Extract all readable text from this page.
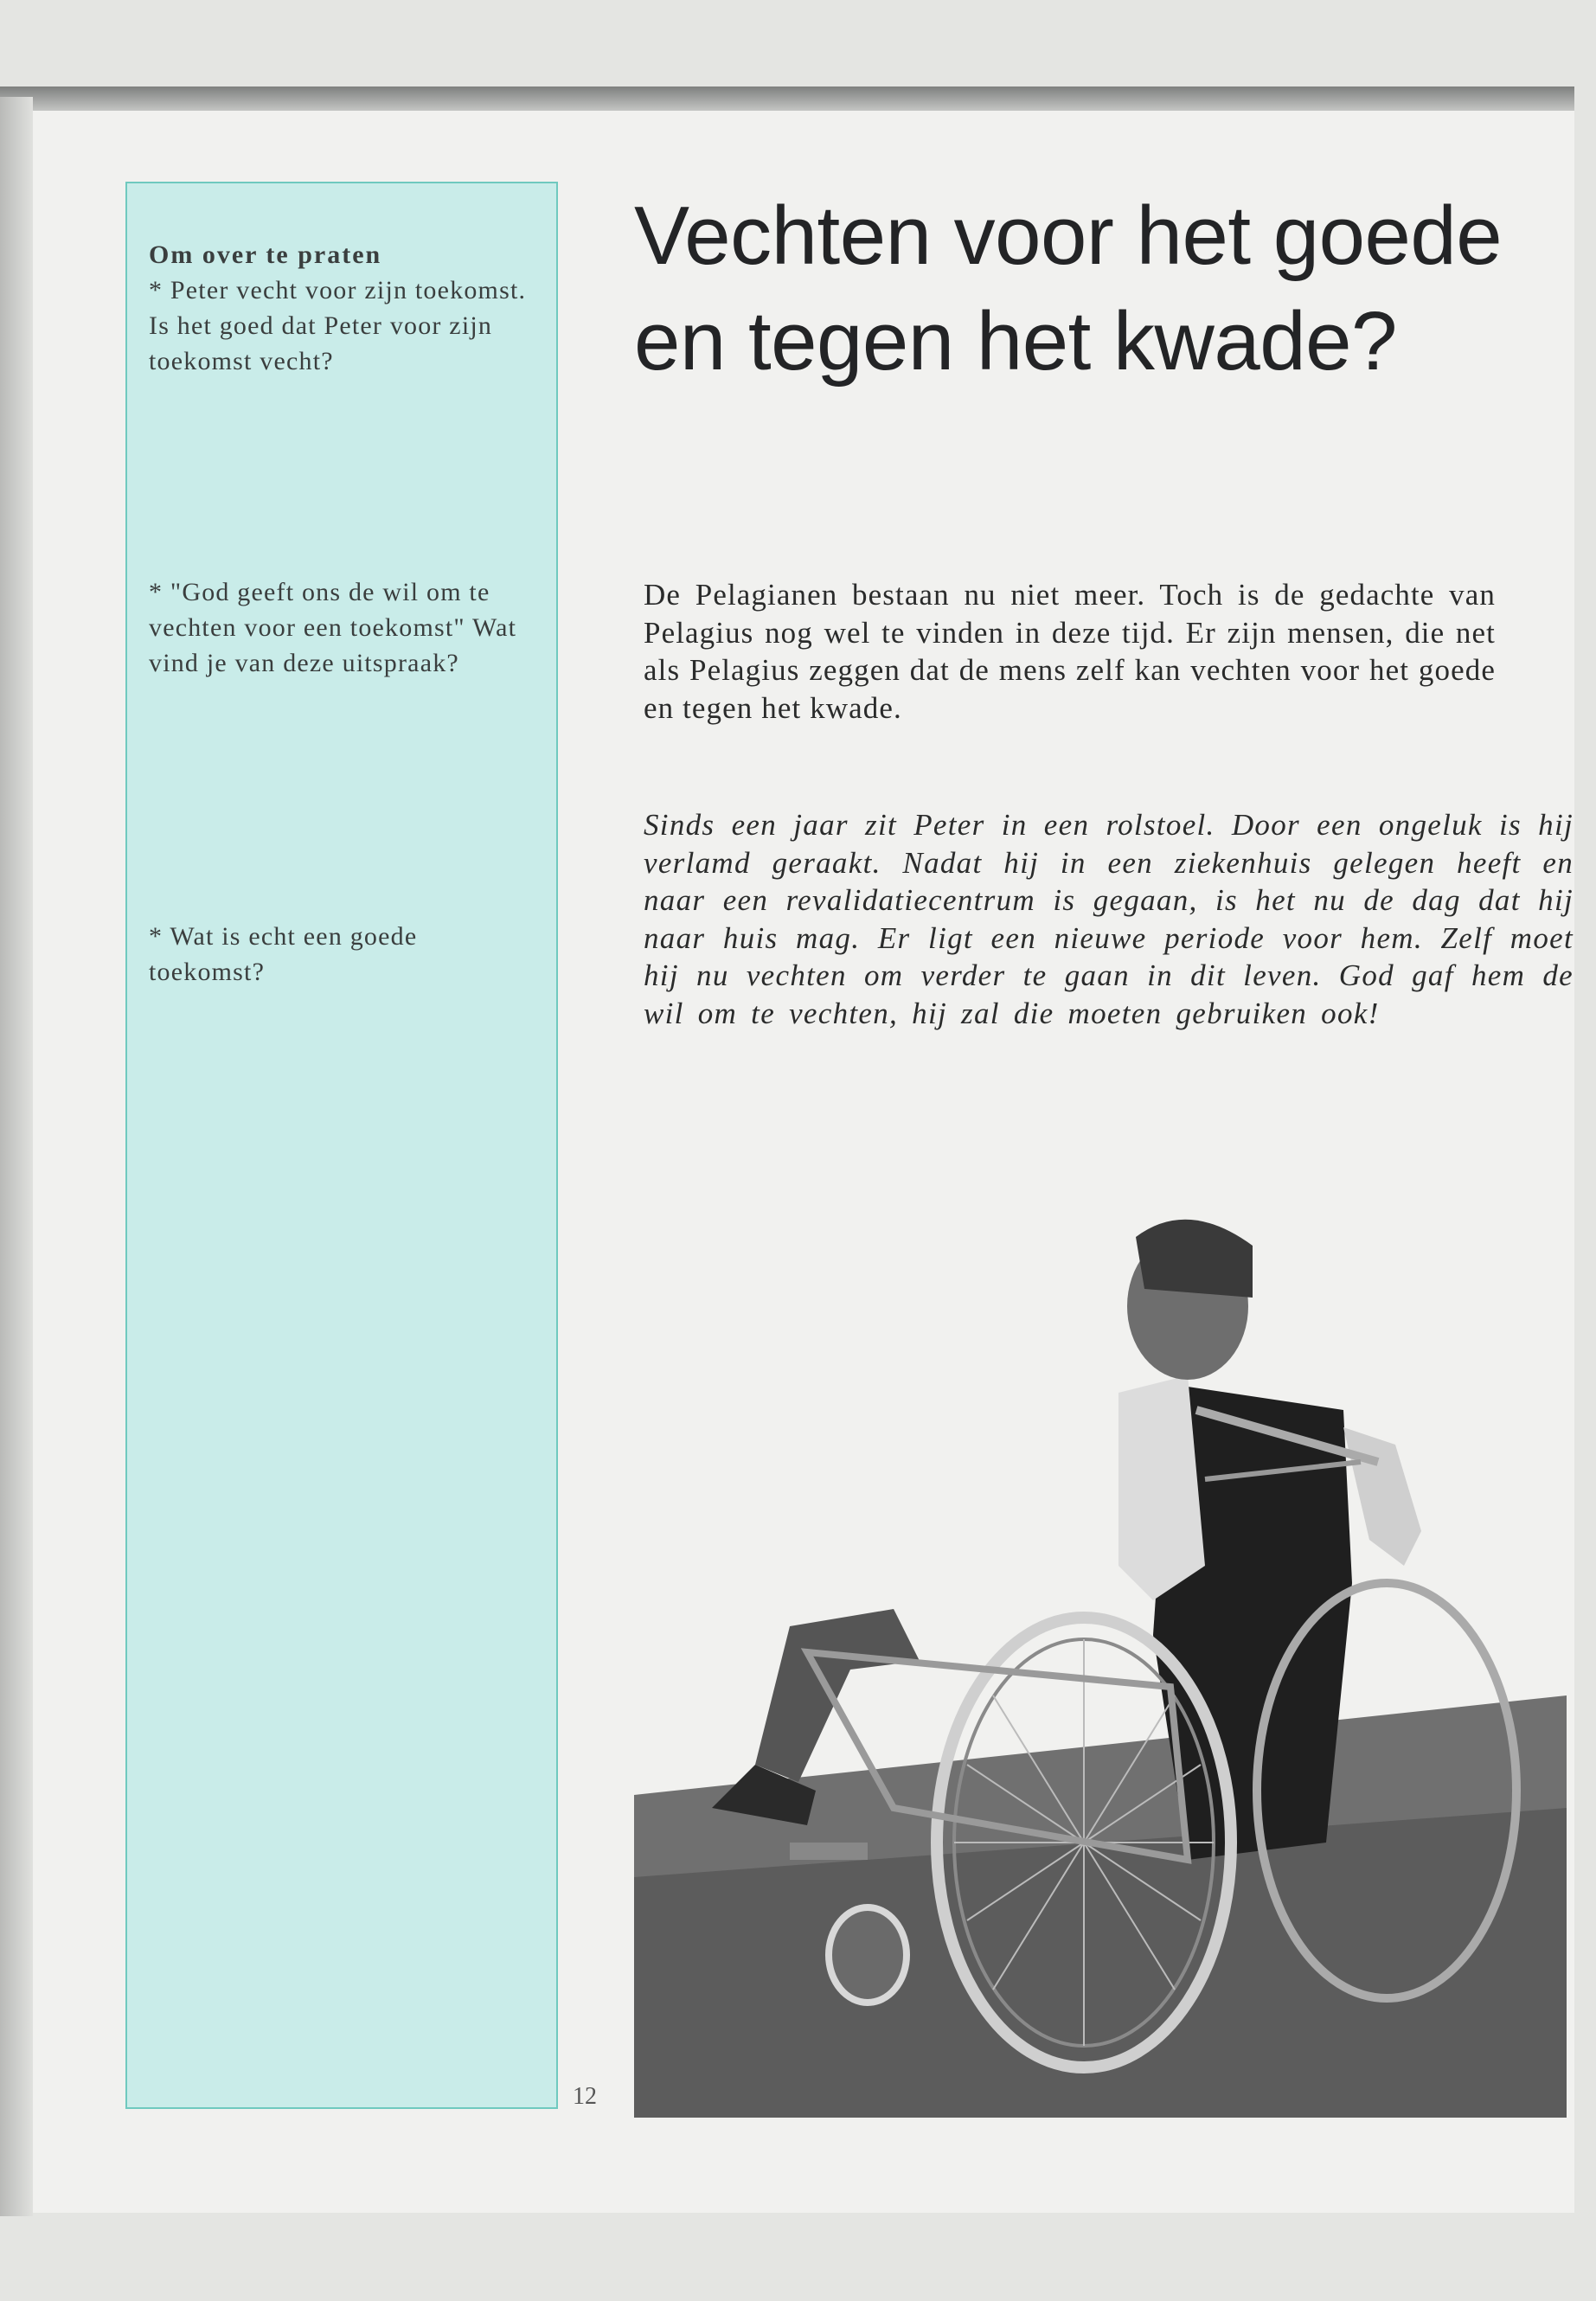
Om over te praten

* Peter vecht voor zijn toekomst. Is het goed dat Peter voor zijn toekomst vecht?

* "God geeft ons de wil om te vechten voor een toekomst" Wat vind je van deze uitspraak?

* Wat is echt een goede toekomst?

12
Vechten voor het goede en tegen het kwade?

De Pelagianen bestaan nu niet meer. Toch is de gedachte van Pelagius nog wel te vinden in deze tijd. Er zijn mensen, die net als Pelagius zeggen dat de mens zelf kan vechten voor het goede en tegen het kwade.

Sinds een jaar zit Peter in een rolstoel. Door een ongeluk is hij verlamd geraakt. Nadat hij in een ziekenhuis gelegen heeft en naar een revalidatiecentrum is gegaan, is het nu de dag dat hij naar huis mag. Er ligt een nieuwe periode voor hem. Zelf moet hij nu vechten om verder te gaan in dit leven. God gaf hem de wil om te vechten, hij zal die moeten gebruiken ook!
